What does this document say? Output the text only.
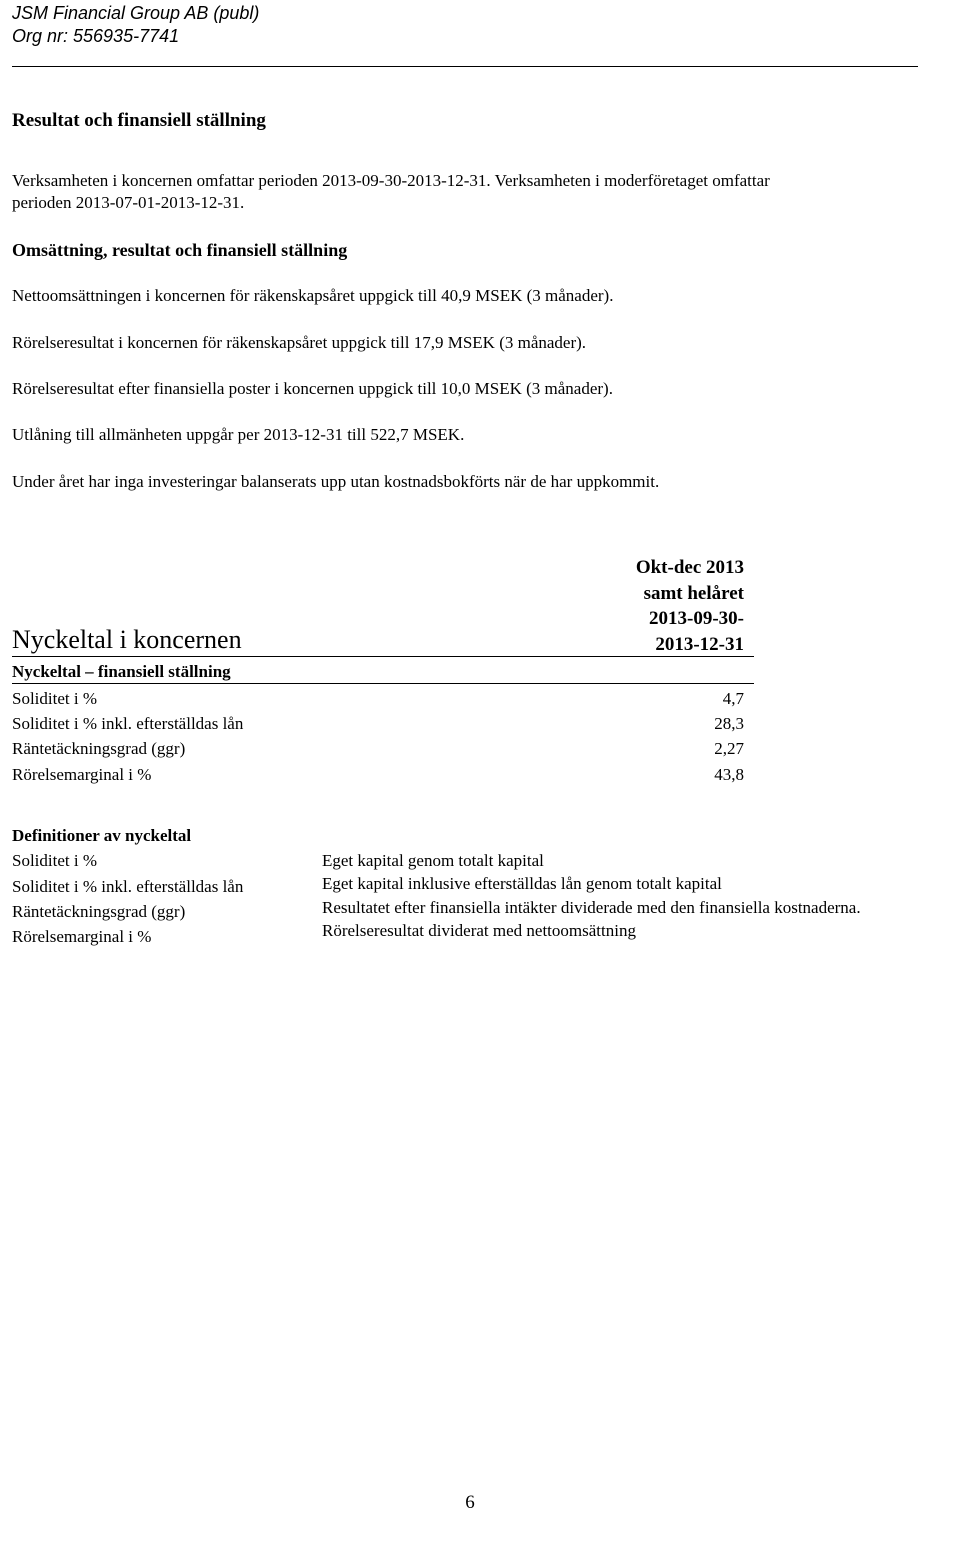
JSM Financial Group AB (publ)
Org nr: 556935-7741
Resultat och finansiell ställning
Verksamheten i koncernen omfattar perioden 2013-09-30-2013-12-31. Verksamheten i moderföretaget omfattar
perioden 2013-07-01-2013-12-31.
Omsättning, resultat och finansiell ställning
Nettoomsättningen i koncernen för räkenskapsåret uppgick till 40,9 MSEK (3 månader).
Rörelseresultat i koncernen för räkenskapsåret uppgick till 17,9 MSEK (3 månader).
Rörelseresultat efter finansiella poster i koncernen uppgick till 10,0 MSEK (3 månader).
Utlåning till allmänheten uppgår per 2013-12-31 till 522,7 MSEK.
Under året har inga investeringar balanserats upp utan kostnadsbokförts när de har uppkommit.
Nyckeltal i koncernen
Okt-dec 2013
samt helåret
2013-09-30-
2013-12-31
Nyckeltal – finansiell ställning
Soliditet i %	4,7
Soliditet i % inkl. efterställdas lån	28,3
Räntetäckningsgrad (ggr)	2,27
Rörelsemarginal i %	43,8
Definitioner av nyckeltal
Soliditet i %	Eget kapital genom totalt kapital
Soliditet i % inkl. efterställdas lån	Eget kapital inklusive efterställdas lån genom totalt kapital
Räntetäckningsgrad (ggr)	Resultatet efter finansiella intäkter dividerade med den finansiella kostnaderna.
Rörelsemarginal i %	Rörelseresultat dividerat med nettoomsättning
6
